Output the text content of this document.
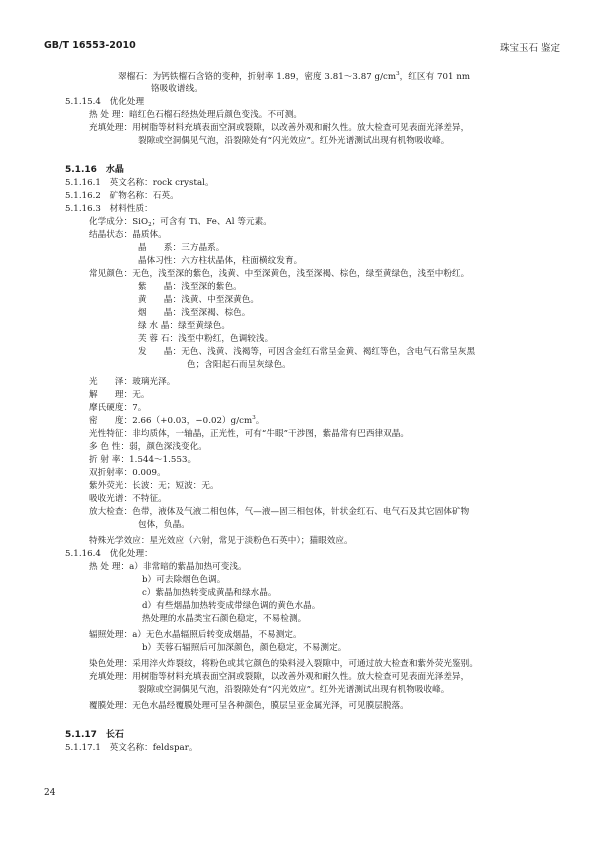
GB/T 16553-2010	珠宝玉石 鉴定
翠榴石：为钙铁榴石含铬的变种，折射率 1.89，密度 3.81～3.87 $g/cm^3$，红区有 701 nm
铬吸收谱线。
5.1.15.4　优化处理
热 处 理：暗红色石榴石经热处理后颜色变浅。不可测。
充填处理：用树脂等材料充填表面空洞或裂隙，以改善外观和耐久性。放大检查可见表面光泽差异，
裂隙或空洞偶见气泡，沿裂隙处有“闪光效应”。红外光谱测试出现有机物吸收峰。
5.1.16　水晶
5.1.16.1　英文名称：rock crystal。
5.1.16.2　矿物名称：石英。
5.1.16.3　材料性质：
化学成分：SiO$_2$；可含有 Ti、Fe、Al 等元素。
结晶状态：晶质体。
晶　　系：三方晶系。
晶体习性：六方柱状晶体，柱面横纹发育。
常见颜色：无色，浅至深的紫色，浅黄、中至深黄色，浅至深褐、棕色，绿至黄绿色，浅至中粉红。
紫　　晶：浅至深的紫色。
黄　　晶：浅黄、中至深黄色。
烟　　晶：浅至深褐、棕色。
绿 水 晶：绿至黄绿色。
芙 蓉 石：浅至中粉红，色调较浅。
发　　晶：无色、浅黄、浅褐等，可因含金红石常呈金黄、褐红等色，含电气石常呈灰黑
色；含阳起石而呈灰绿色。
光　　泽：玻璃光泽。
解　　理：无。
摩氏硬度：7。
密　　度：2.66（+0.03，$-0.02)g/cm^3$。
光性特征：非均质体，一轴晶，正光性，可有“牛眼”干涉图，紫晶常有巴西律双晶。
多 色 性：弱，颜色深浅变化。
折 射 率：1.544～1.553。
双折射率：0.009。
紫外荧光：长波：无；短波：无。
吸收光谱：不特征。
放大检查：色带，液体及气液二相包体，气—液—固三相包体，针状金红石、电气石及其它固体矿物
包体，负晶。
特殊光学效应：星光效应（六射，常见于淡粉色石英中）；猫眼效应。
5.1.16.4　优化处理：
热 处 理：a）非常暗的紫晶加热可变浅。
b）可去除烟色色调。
c）紫晶加热转变成黄晶和绿水晶。
d）有些烟晶加热转变成带绿色调的黄色水晶。
热处理的水晶类宝石颜色稳定，不易检测。
辐照处理：a）无色水晶辐照后转变成烟晶，不易测定。
b）芙蓉石辐照后可加深颜色，颜色稳定，不易测定。
染色处理：采用淬火炸裂纹，将粉色或其它颜色的染料浸入裂隙中，可通过放大检查和紫外荧光鉴别。
充填处理：用树脂等材料充填表面空洞或裂隙，以改善外观和耐久性。放大检查可见表面光泽差异，
裂隙或空洞偶见气泡，沿裂隙处有“闪光效应”。红外光谱测试出现有机物吸收峰。
覆膜处理：无色水晶经覆膜处理可呈各种颜色，膜层呈亚金属光泽，可见膜层脱落。
5.1.17　长石
5.1.17.1　英文名称：feldspar。
24
